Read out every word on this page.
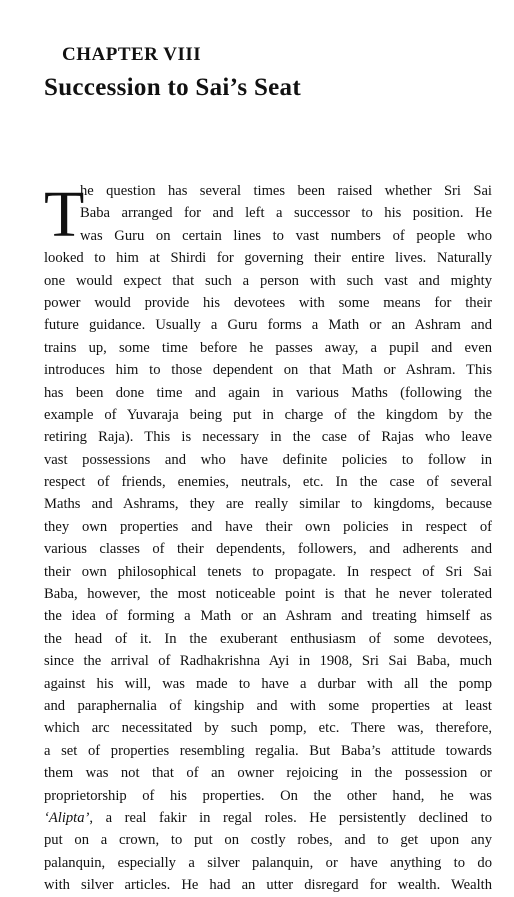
CHAPTER VIII
Succession to Sai’s Seat
T
he question has several times been raised whether Sri Sai
Baba arranged for and left a successor to his position. He
was Guru on certain lines to vast numbers of people who
looked to him at Shirdi for governing their entire lives. Naturally
one would expect that such a person with such vast and mighty
power would provide his devotees with some means for their
future guidance. Usually a Guru forms a Math or an Ashram and
trains up, some time before he passes away, a pupil and even
introduces him to those dependent on that Math or Ashram. This
has been done time and again in various Maths (following the
example of Yuvaraja being put in charge of the kingdom by the
retiring Raja). This is necessary in the case of Rajas who leave
vast possessions and who have definite policies to follow in
respect of friends, enemies, neutrals, etc. In the case of several
Maths and Ashrams, they are really similar to kingdoms, because
they own properties and have their own policies in respect of
various classes of their dependents, followers, and adherents and
their own philosophical tenets to propagate. In respect of Sri Sai
Baba, however, the most noticeable point is that he never tolerated
the idea of forming a Math or an Ashram and treating himself as
the head of it. In the exuberant enthusiasm of some devotees,
since the arrival of Radhakrishna Ayi in 1908, Sri Sai Baba, much
against his will, was made to have a durbar with all the pomp
and paraphernalia of kingship and with some properties at least
which arc necessitated by such pomp, etc. There was, therefore,
a set of properties resembling regalia. But Baba’s attitude towards
them was not that of an owner rejoicing in the possession or
proprietorship of his properties. On the other hand, he was
‘Alipta’, a real fakir in regal roles. He persistently declined to
put on a crown, to put on costly robes, and to get upon any
palanquin, especially a silver palanquin, or have anything to do
with silver articles. He had an utter disregard for wealth. Wealth
